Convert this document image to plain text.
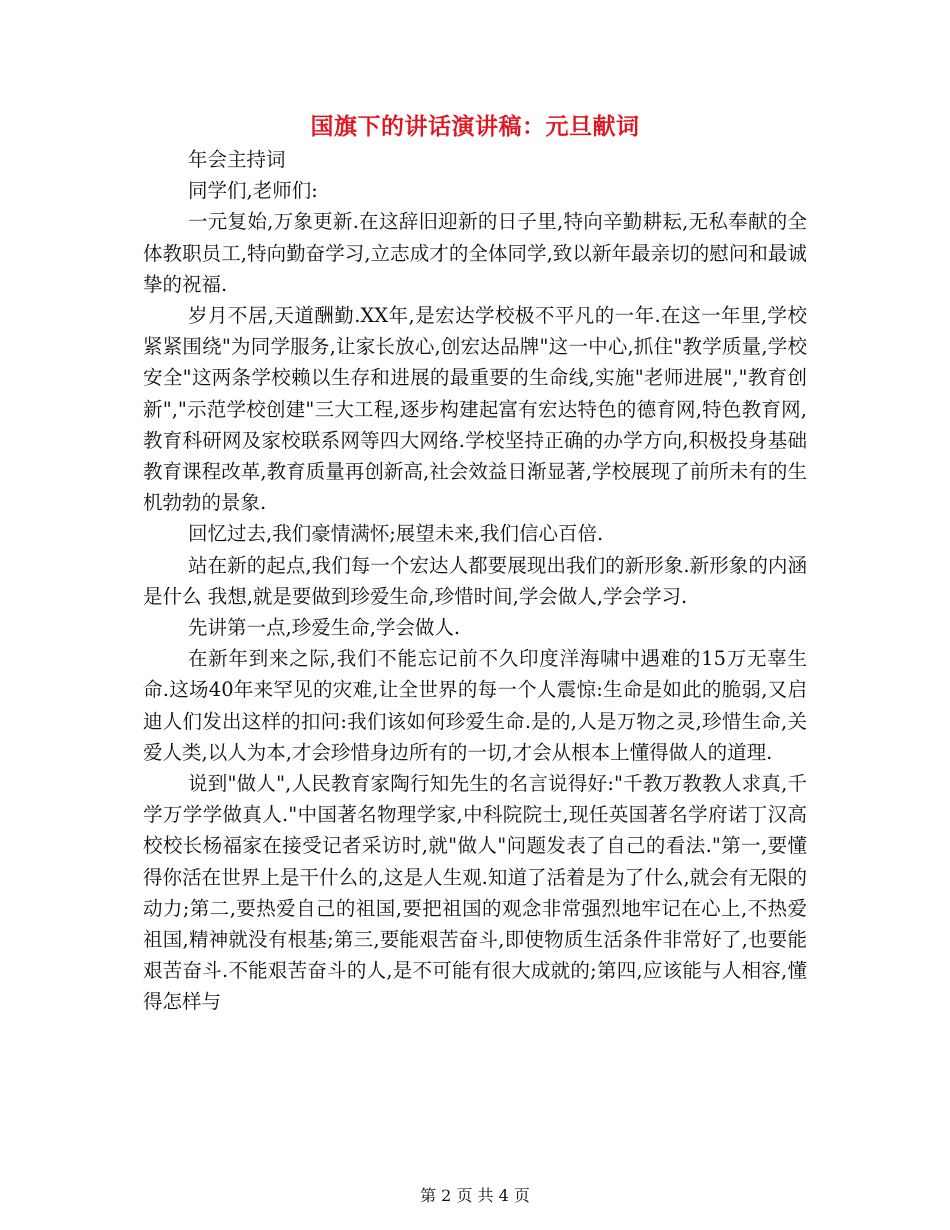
国旗下的讲话演讲稿：元旦献词

年会主持词

同学们,老师们:

一元复始,万象更新.在这辞旧迎新的日子里,特向辛勤耕耘,无私奉献的全体教职员工,特向勤奋学习,立志成才的全体同学,致以新年最亲切的慰问和最诚挚的祝福.

岁月不居,天道酬勤.XX年,是宏达学校极不平凡的一年.在这一年里,学校紧紧围绕"为同学服务,让家长放心,创宏达品牌"这一中心,抓住"教学质量,学校安全"这两条学校赖以生存和进展的最重要的生命线,实施"老师进展","教育创新","示范学校创建"三大工程,逐步构建起富有宏达特色的德育网,特色教育网,教育科研网及家校联系网等四大网络.学校坚持正确的办学方向,积极投身基础教育课程改革,教育质量再创新高,社会效益日渐显著,学校展现了前所未有的生机勃勃的景象.

回忆过去,我们豪情满怀;展望未来,我们信心百倍.

站在新的起点,我们每一个宏达人都要展现出我们的新形象.新形象的内涵是什么 我想,就是要做到珍爱生命,珍惜时间,学会做人,学会学习.

先讲第一点,珍爱生命,学会做人.

在新年到来之际,我们不能忘记前不久印度洋海啸中遇难的15万无辜生命.这场40年来罕见的灾难,让全世界的每一个人震惊:生命是如此的脆弱,又启迪人们发出这样的扣问:我们该如何珍爱生命.是的,人是万物之灵,珍惜生命,关爱人类,以人为本,才会珍惜身边所有的一切,才会从根本上懂得做人的道理.

说到"做人",人民教育家陶行知先生的名言说得好:"千教万教教人求真,千学万学学做真人."中国著名物理学家,中科院院士,现任英国著名学府诺丁汉高校校长杨福家在接受记者采访时,就"做人"问题发表了自己的看法."第一,要懂得你活在世界上是干什么的,这是人生观.知道了活着是为了什么,就会有无限的动力;第二,要热爱自己的祖国,要把祖国的观念非常强烈地牢记在心上,不热爱祖国,精神就没有根基;第三,要能艰苦奋斗,即使物质生活条件非常好了,也要能艰苦奋斗.不能艰苦奋斗的人,是不可能有很大成就的;第四,应该能与人相容,懂得怎样与

第 2 页 共 4 页
